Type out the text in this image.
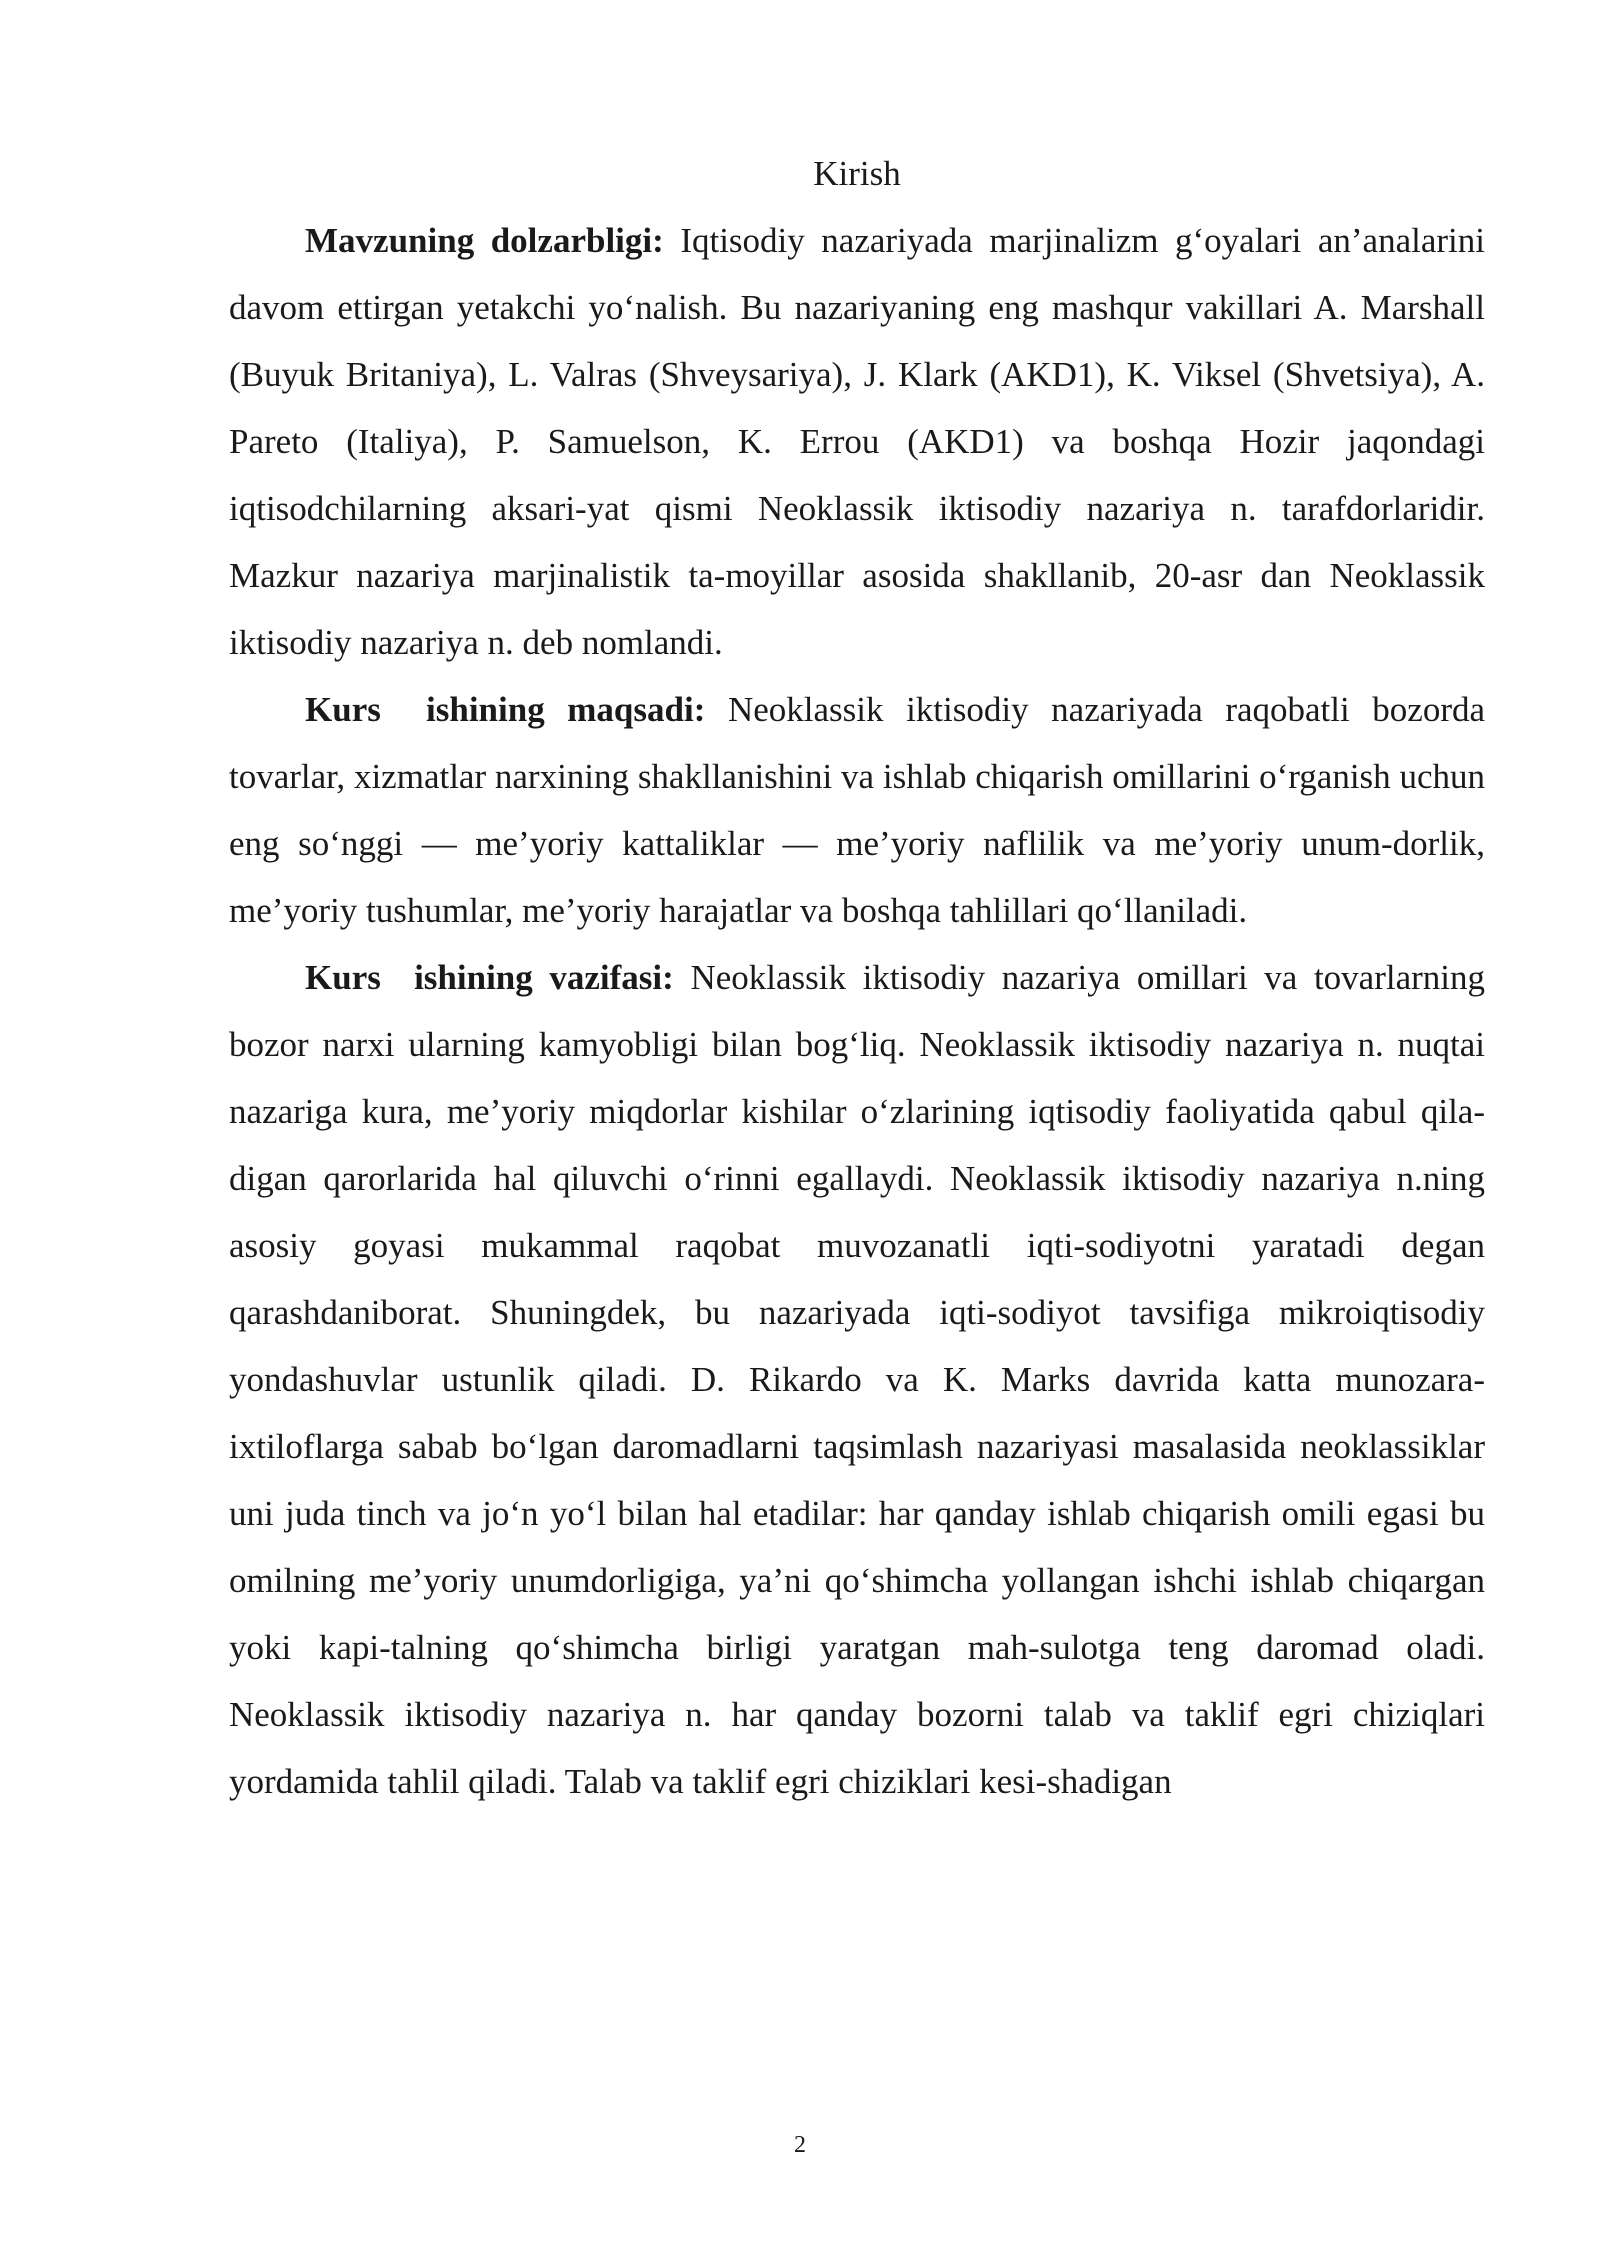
Kirish

Mavzuning dolzarbligi: Iqtisodiy nazariyada marjinalizm g‘oyalari an’analarini davom ettirgan yetakchi yo‘nalish. Bu nazariyaning eng mashqur vakillari A. Marshall (Buyuk Britaniya), L. Valras (Shveysariya), J. Klark (AKD1), K. Viksel (Shvetsiya), A. Pareto (Italiya), P. Samuelson, K. Errou (AKD1) va boshqa Hozir jaqondagi iqtisodchilarning aksari-yat qismi Neoklassik iktisodiy nazariya n. tarafdorlaridir. Mazkur nazariya marjinalistik ta-moyillar asosida shakllanib, 20-asr dan Neoklassik iktisodiy nazariya n. deb nomlandi.

Kurs  ishining maqsadi: Neoklassik iktisodiy nazariyada raqobatli bozorda tovarlar, xizmatlar narxining shakllanishini va ishlab chiqarish omillarini o‘rganish uchun eng so‘nggi — me’yoriy kattaliklar — me’yoriy naflilik va me’yoriy unum-dorlik, me’yoriy tushumlar, me’yoriy harajatlar va boshqa tahlillari qo‘llaniladi.

Kurs  ishining vazifasi: Neoklassik iktisodiy nazariya omillari va tovarlarning bozor narxi ularning kamyobligi bilan bog‘liq. Neoklassik iktisodiy nazariya n. nuqtai nazariga kura, me’yoriy miqdorlar kishilar o‘zlarining iqtisodiy faoliyatida qabul qila-digan qarorlarida hal qiluvchi o‘rinni egallaydi. Neoklassik iktisodiy nazariya n.ning asosiy goyasi mukammal raqobat muvozanatli iqti-sodiyotni yaratadi degan qarashdaniborat. Shuningdek, bu nazariyada iqti-sodiyot tavsifiga mikroiqtisodiy yondashuvlar ustunlik qiladi. D. Rikardo va K. Marks davrida katta munozara-ixtiloflarga sabab bo‘lgan daromadlarni taqsimlash nazariyasi masalasida neoklassiklar uni juda tinch va jo‘n yo‘l bilan hal etadilar: har qanday ishlab chiqarish omili egasi bu omilning me’yoriy unumdorligiga, ya’ni qo‘shimcha yollangan ishchi ishlab chiqargan yoki kapi-talning qo‘shimcha birligi yaratgan mah-sulotga teng daromad oladi. Neoklassik iktisodiy nazariya n. har qanday bozorni talab va taklif egri chiziqlari yordamida tahlil qiladi. Talab va taklif egri chiziklari kesi-shadigan

2
